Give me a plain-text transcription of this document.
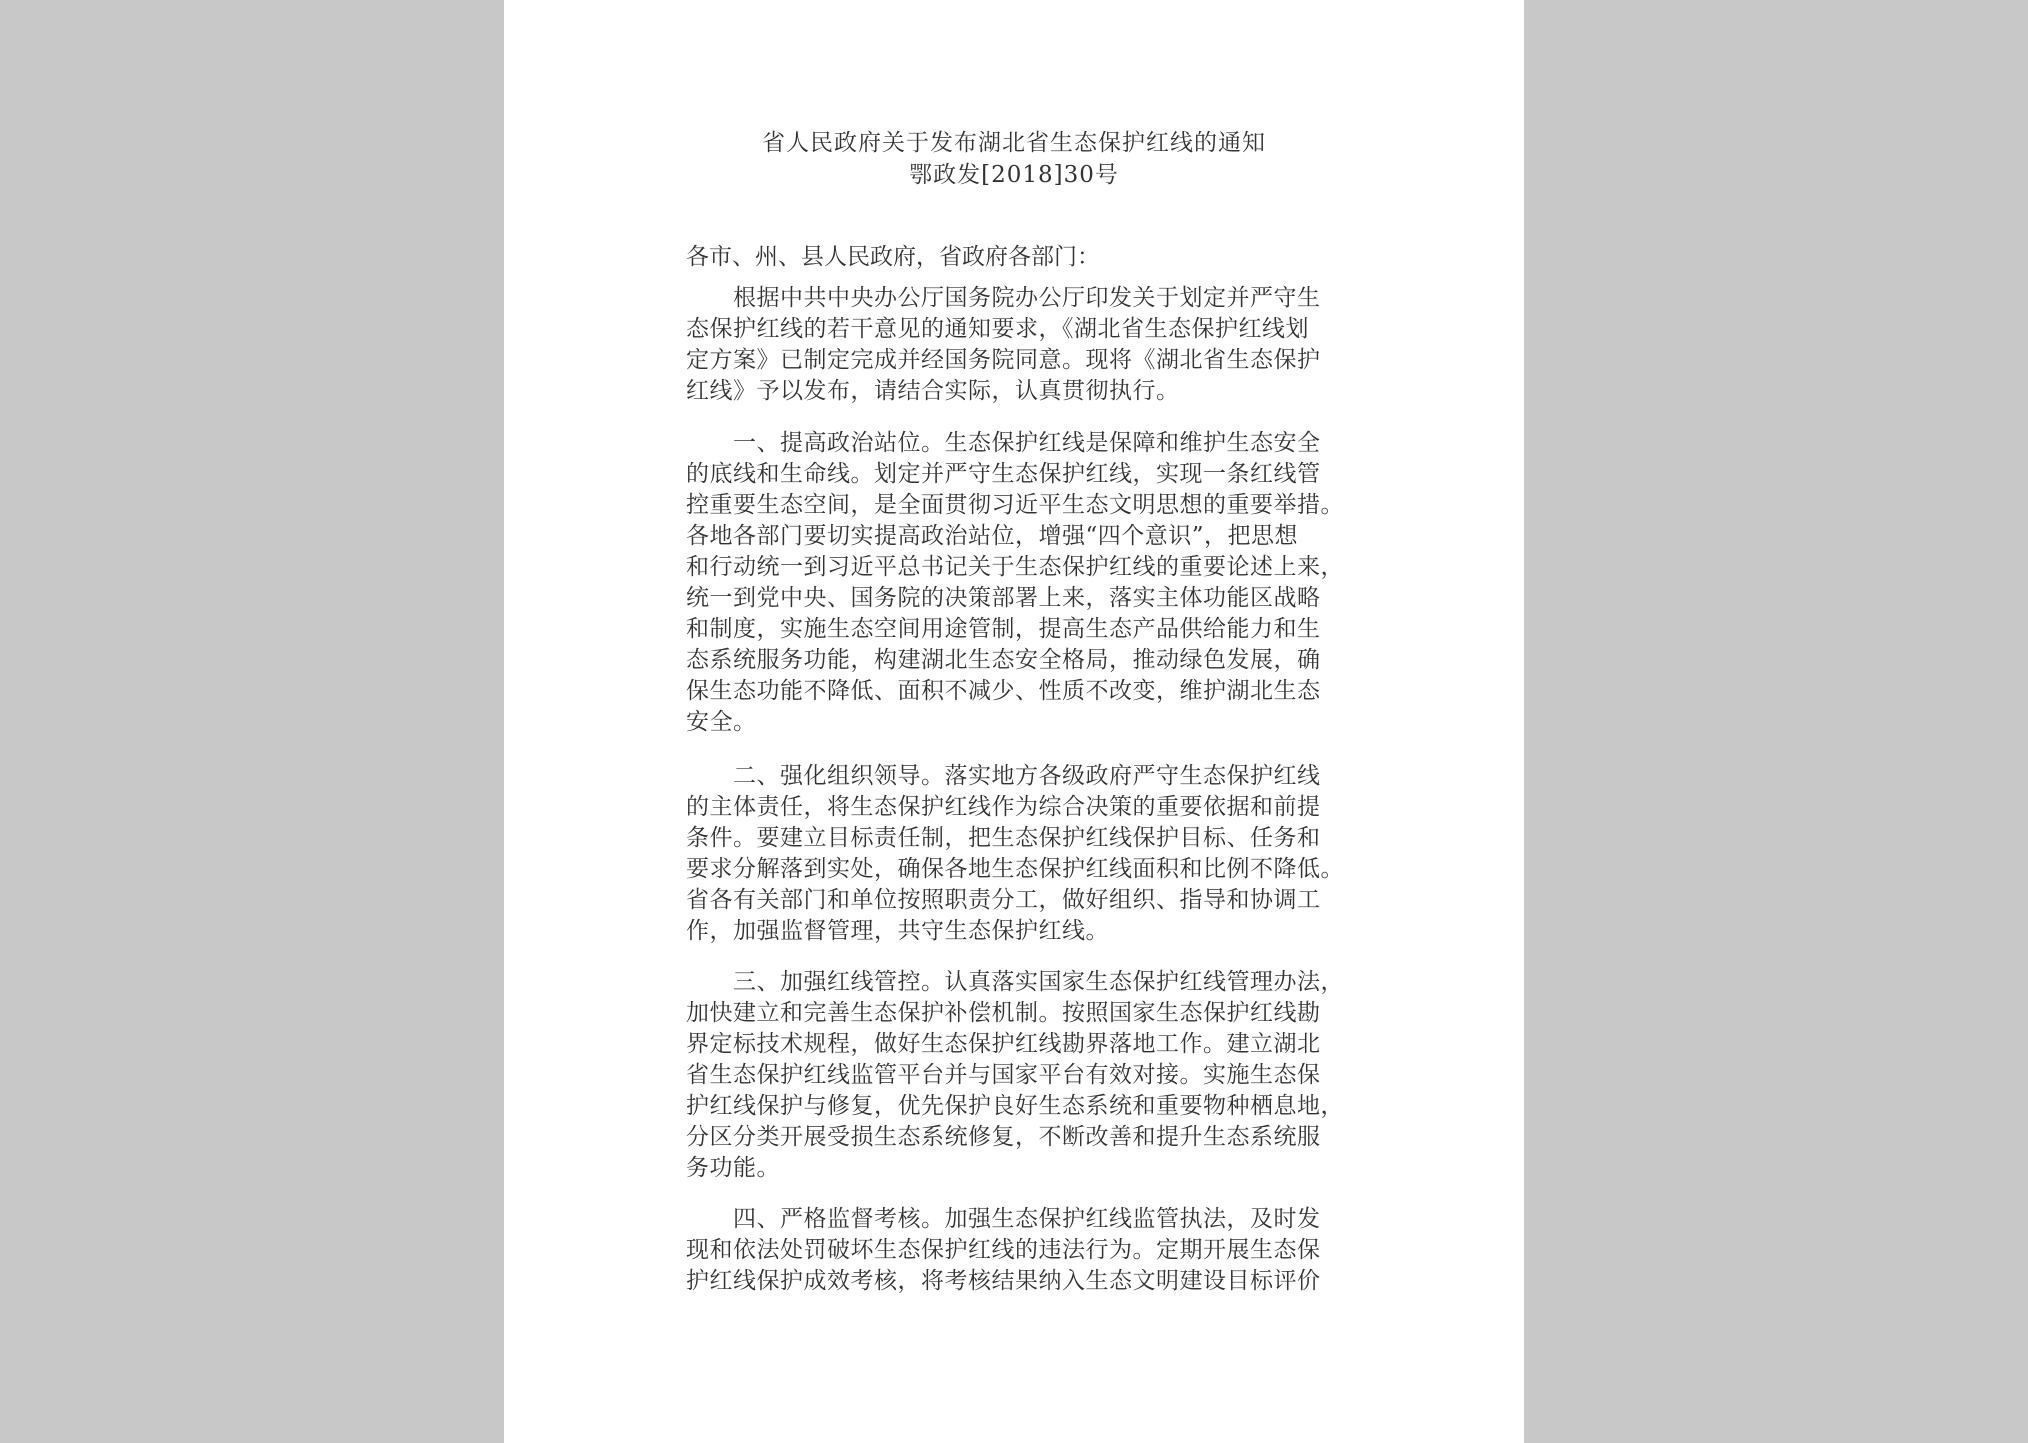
省人民政府关于发布湖北省生态保护红线的通知
鄂政发[2018]30号
各市、州、县人民政府，省政府各部门：
　　根据中共中央办公厅国务院办公厅印发关于划定并严守生
态保护红线的若干意见的通知要求，《湖北省生态保护红线划
定方案》已制定完成并经国务院同意。现将《湖北省生态保护
红线》予以发布，请结合实际，认真贯彻执行。
　　一、提高政治站位。生态保护红线是保障和维护生态安全
的底线和生命线。划定并严守生态保护红线，实现一条红线管
控重要生态空间，是全面贯彻习近平生态文明思想的重要举措。
各地各部门要切实提高政治站位，增强“四个意识”，把思想
和行动统一到习近平总书记关于生态保护红线的重要论述上来，
统一到党中央、国务院的决策部署上来，落实主体功能区战略
和制度，实施生态空间用途管制，提高生态产品供给能力和生
态系统服务功能，构建湖北生态安全格局，推动绿色发展，确
保生态功能不降低、面积不减少、性质不改变，维护湖北生态
安全。
　　二、强化组织领导。落实地方各级政府严守生态保护红线
的主体责任，将生态保护红线作为综合决策的重要依据和前提
条件。要建立目标责任制，把生态保护红线保护目标、任务和
要求分解落到实处，确保各地生态保护红线面积和比例不降低。
省各有关部门和单位按照职责分工，做好组织、指导和协调工
作，加强监督管理，共守生态保护红线。
　　三、加强红线管控。认真落实国家生态保护红线管理办法，
加快建立和完善生态保护补偿机制。按照国家生态保护红线勘
界定标技术规程，做好生态保护红线勘界落地工作。建立湖北
省生态保护红线监管平台并与国家平台有效对接。实施生态保
护红线保护与修复，优先保护良好生态系统和重要物种栖息地，
分区分类开展受损生态系统修复，不断改善和提升生态系统服
务功能。
　　四、严格监督考核。加强生态保护红线监管执法，及时发
现和依法处罚破坏生态保护红线的违法行为。定期开展生态保
护红线保护成效考核，将考核结果纳入生态文明建设目标评价
